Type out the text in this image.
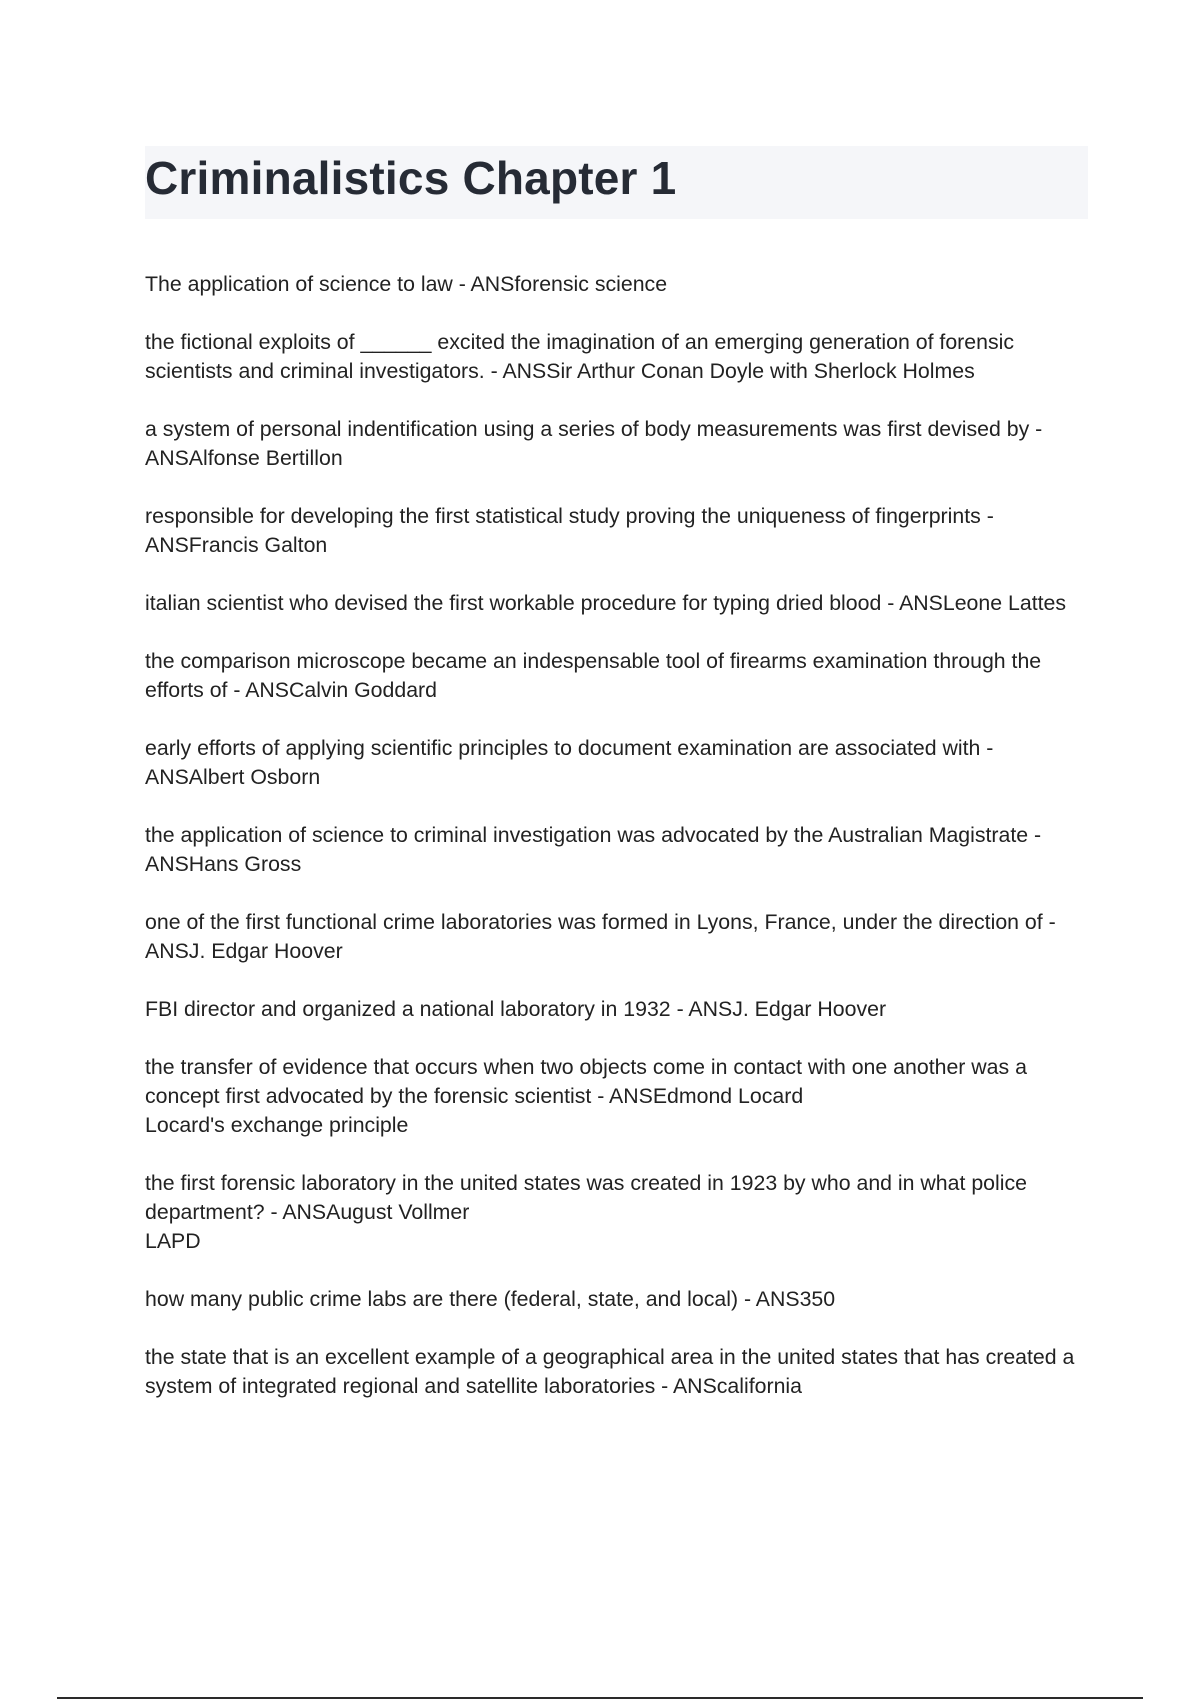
Criminalistics Chapter 1

The application of science to law - ANSforensic science

the fictional exploits of ______ excited the imagination of an emerging generation of forensic scientists and criminal investigators. - ANSSir Arthur Conan Doyle with Sherlock Holmes

a system of personal indentification using a series of body measurements was first devised by - ANSAlfonse Bertillon

responsible for developing the first statistical study proving the uniqueness of fingerprints - ANSFrancis Galton

italian scientist who devised the first workable procedure for typing dried blood - ANSLeone Lattes

the comparison microscope became an indespensable tool of firearms examination through the efforts of - ANSCalvin Goddard

early efforts of applying scientific principles to document examination are associated with - ANSAlbert Osborn

the application of science to criminal investigation was advocated by the Australian Magistrate - ANSHans Gross

one of the first functional crime laboratories was formed in Lyons, France, under the direction of - ANSJ. Edgar Hoover

FBI director and organized a national laboratory in 1932 - ANSJ. Edgar Hoover

the transfer of evidence that occurs when two objects come in contact with one another was a concept first advocated by the forensic scientist - ANSEdmond Locard
Locard's exchange principle

the first forensic laboratory in the united states was created in 1923 by who and in what police department? - ANSAugust Vollmer
LAPD

how many public crime labs are there (federal, state, and local) - ANS350

the state that is an excellent example of a geographical area in the united states that has created a system of integrated regional and satellite laboratories - ANScalifornia
